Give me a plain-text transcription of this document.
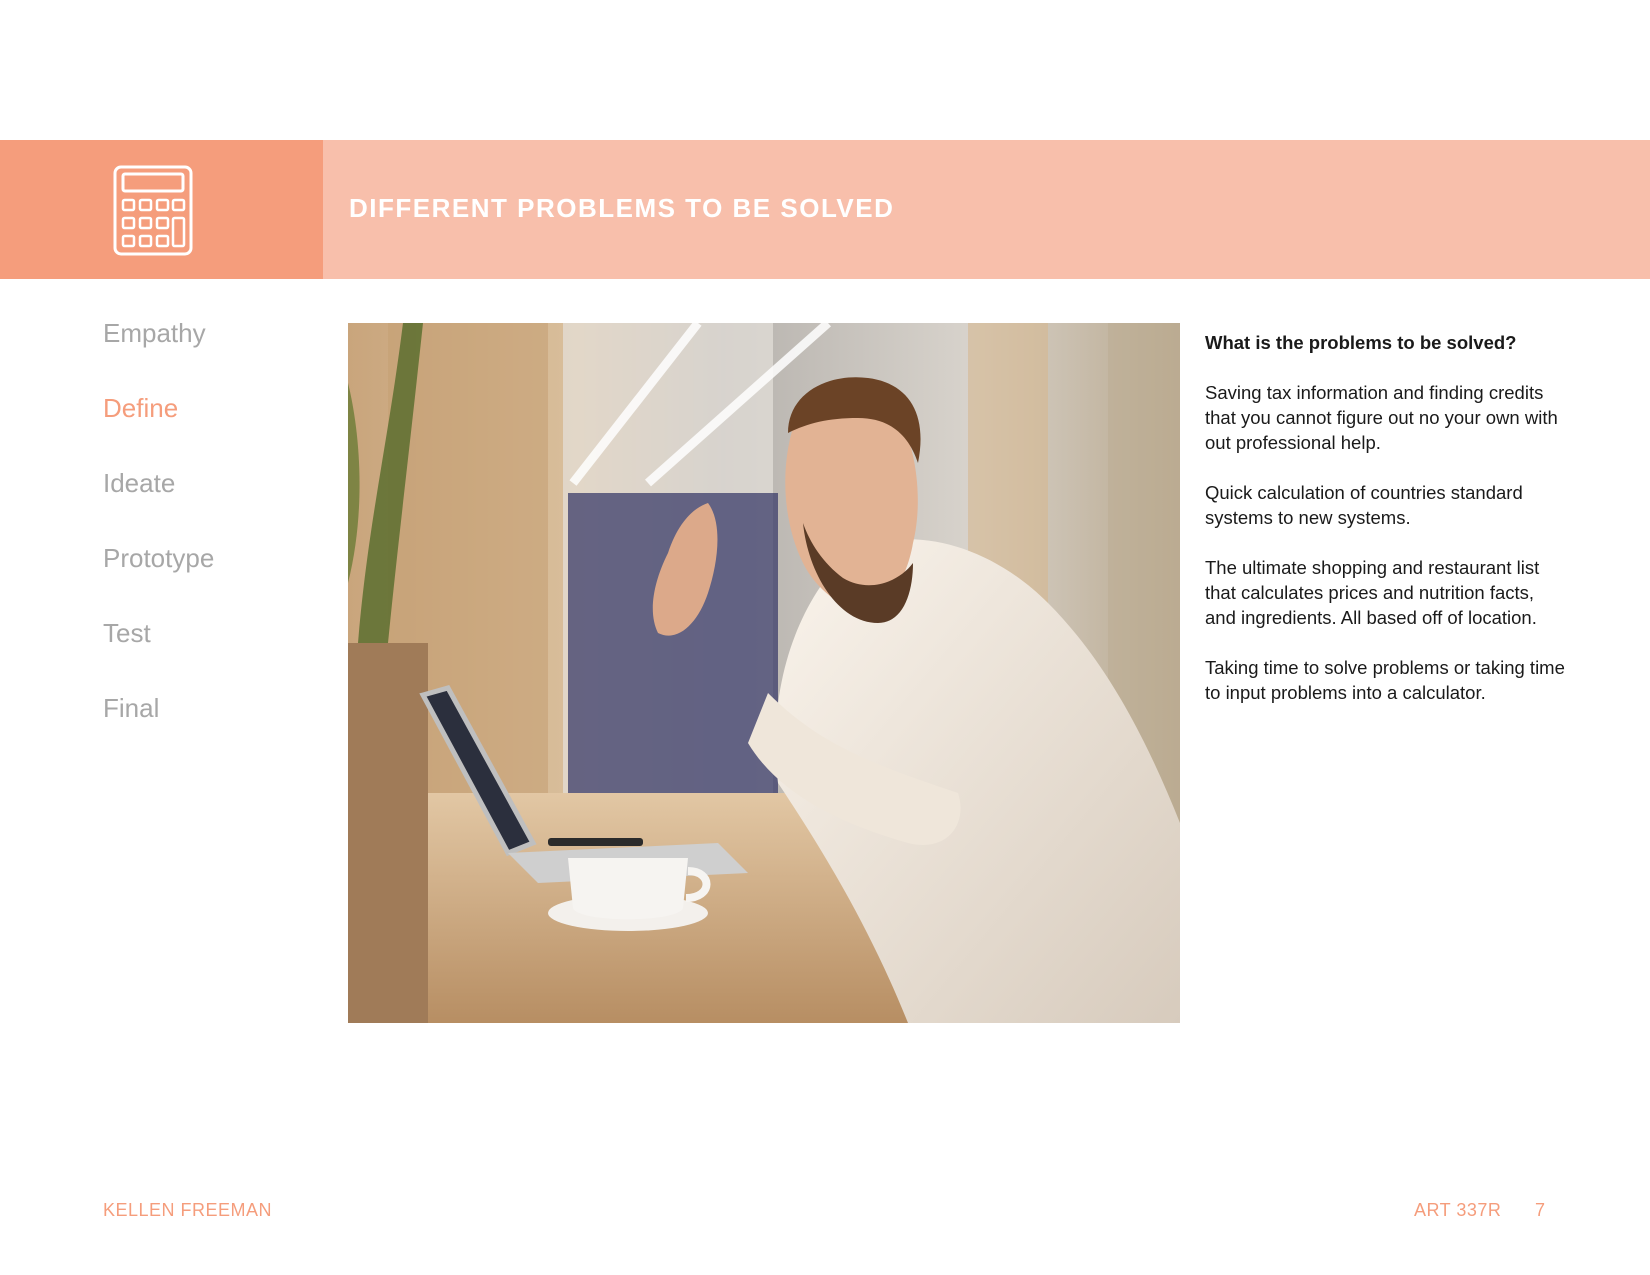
DIFFERENT PROBLEMS TO BE SOLVED
Empathy
Define
Ideate
Prototype
Test
Final

What is the problems to be solved?

Saving tax information and finding credits that you cannot figure out no your own with out professional help.

Quick calculation of countries standard systems to new systems.

The ultimate shopping and restaurant list that calculates prices and nutrition facts, and ingredients. All based off of location.

Taking time to solve problems or taking time to input problems into a calculator.

KELLEN FREEMAN	ART 337R 7
